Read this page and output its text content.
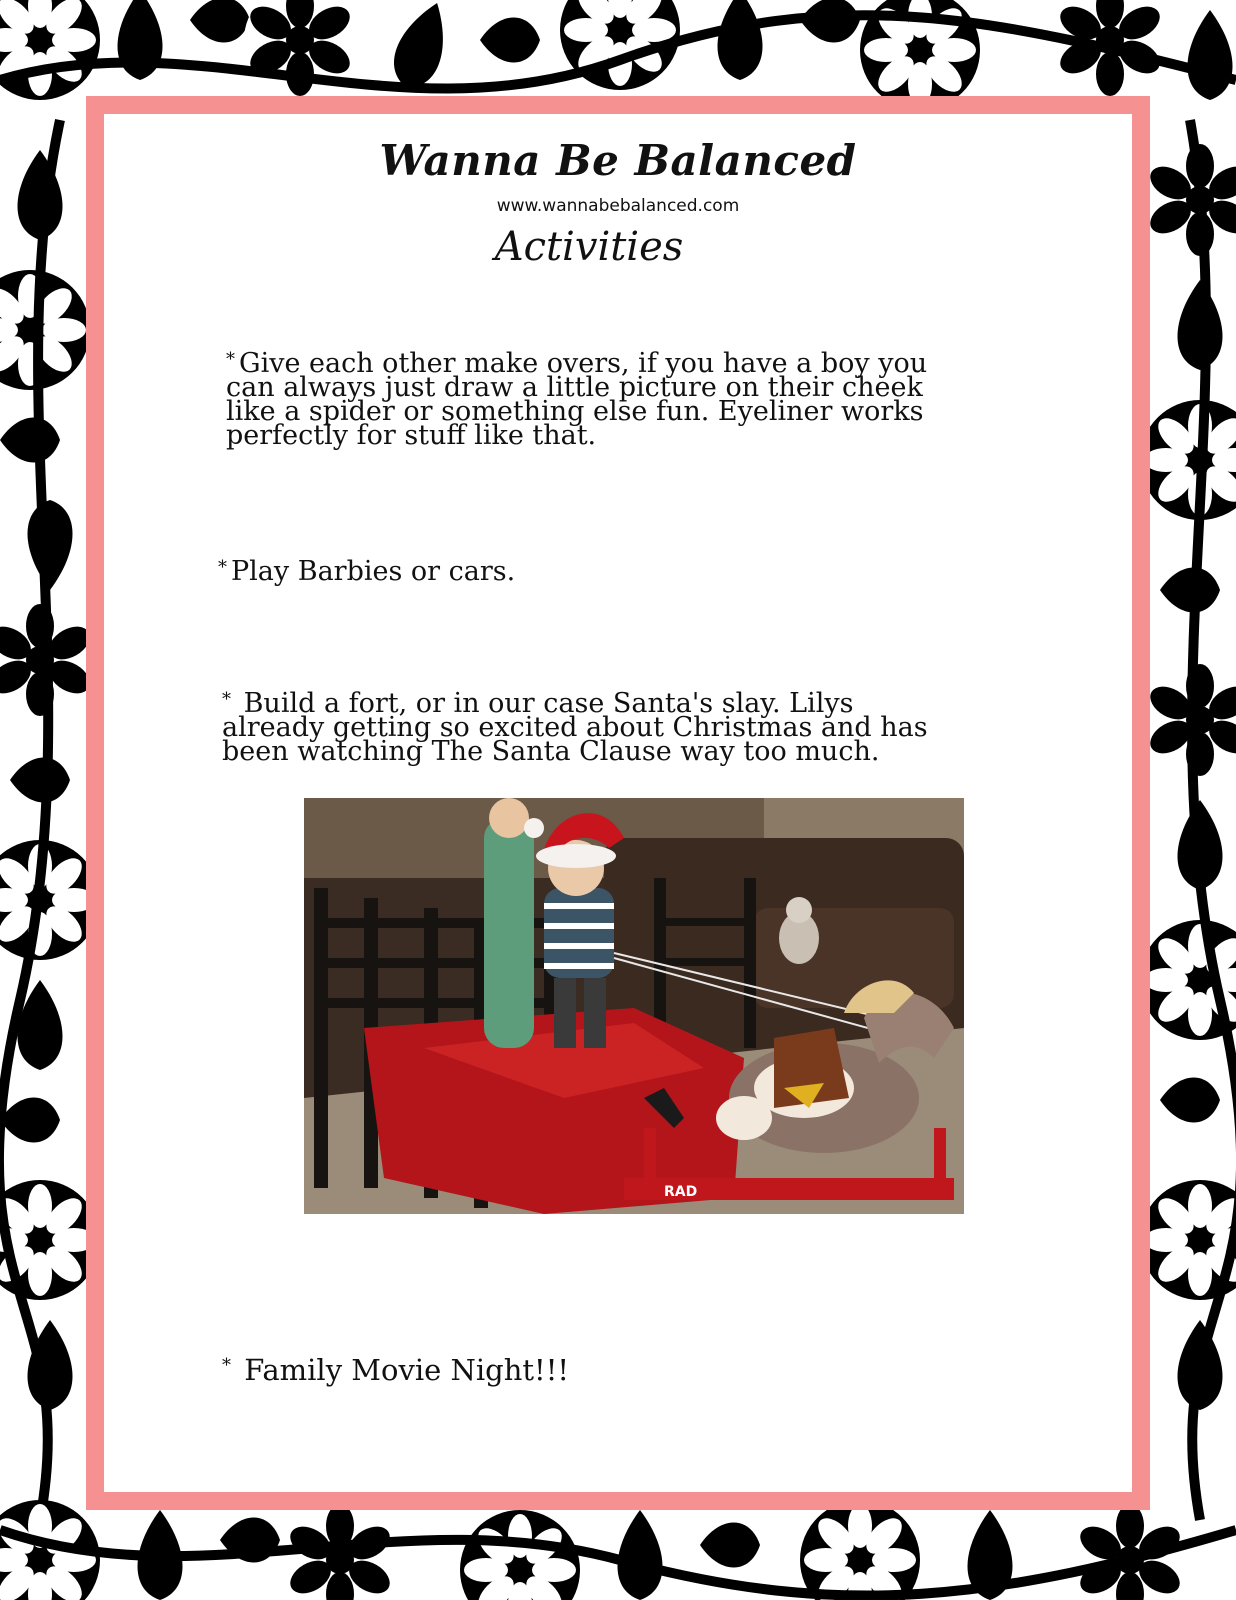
Wanna Be Balanced
www.wannabebalanced.com
Activities
* Give each other make overs, if you have a boy you
can always just draw a little picture on their cheek
like a spider or something else fun. Eyeliner works
perfectly for stuff like that.
* Play Barbies or cars.
* Build a fort, or in our case Santa's slay. Lilys
already getting so excited about Christmas and has
been watching The Santa Clause way too much.
RAD
* Family Movie Night!!!
